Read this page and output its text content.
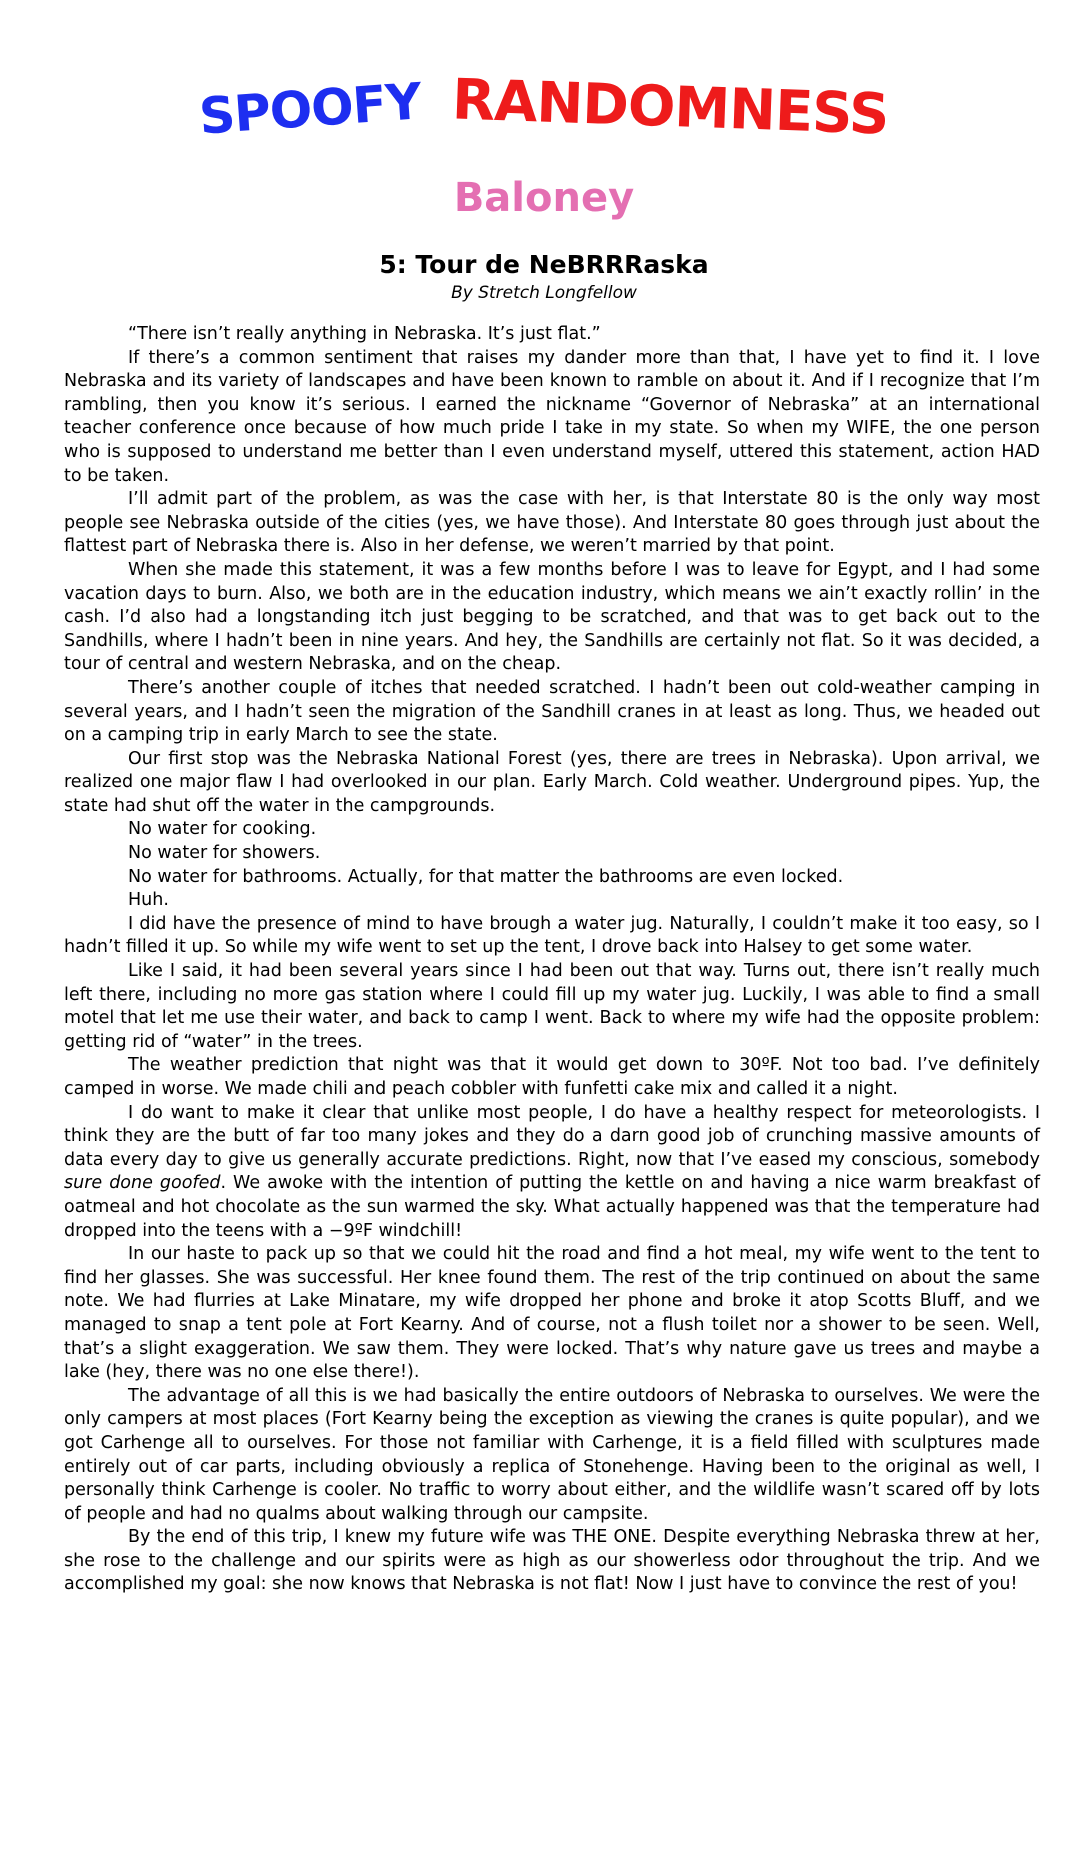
SPOOFY RANDOMNESS
Baloney
5: Tour de NeBRRRaska
By Stretch Longfellow

“There isn’t really anything in Nebraska. It’s just flat.”

If there’s a common sentiment that raises my dander more than that, I have yet to find it. I love Nebraska and its variety of landscapes and have been known to ramble on about it. And if I recognize that I’m rambling, then you know it’s serious. I earned the nickname “Governor of Nebraska” at an international teacher conference once because of how much pride I take in my state. So when my WIFE, the one person who is supposed to understand me better than I even understand myself, uttered this statement, action HAD to be taken.

I’ll admit part of the problem, as was the case with her, is that Interstate 80 is the only way most people see Nebraska outside of the cities (yes, we have those). And Interstate 80 goes through just about the flattest part of Nebraska there is. Also in her defense, we weren’t married by that point.

When she made this statement, it was a few months before I was to leave for Egypt, and I had some vacation days to burn. Also, we both are in the education industry, which means we ain’t exactly rollin’ in the cash. I’d also had a longstanding itch just begging to be scratched, and that was to get back out to the Sandhills, where I hadn’t been in nine years. And hey, the Sandhills are certainly not flat. So it was decided, a tour of central and western Nebraska, and on the cheap.

There’s another couple of itches that needed scratched. I hadn’t been out cold-weather camping in several years, and I hadn’t seen the migration of the Sandhill cranes in at least as long. Thus, we headed out on a camping trip in early March to see the state.

Our first stop was the Nebraska National Forest (yes, there are trees in Nebraska). Upon arrival, we realized one major flaw I had overlooked in our plan. Early March. Cold weather. Underground pipes. Yup, the state had shut off the water in the campgrounds.

No water for cooking.

No water for showers.

No water for bathrooms. Actually, for that matter the bathrooms are even locked.

Huh.

I did have the presence of mind to have brough a water jug. Naturally, I couldn’t make it too easy, so I hadn’t filled it up. So while my wife went to set up the tent, I drove back into Halsey to get some water.

Like I said, it had been several years since I had been out that way. Turns out, there isn’t really much left there, including no more gas station where I could fill up my water jug. Luckily, I was able to find a small motel that let me use their water, and back to camp I went. Back to where my wife had the opposite problem: getting rid of “water” in the trees.

The weather prediction that night was that it would get down to 30ºF. Not too bad. I’ve definitely camped in worse. We made chili and peach cobbler with funfetti cake mix and called it a night.

I do want to make it clear that unlike most people, I do have a healthy respect for meteorologists. I think they are the butt of far too many jokes and they do a darn good job of crunching massive amounts of data every day to give us generally accurate predictions. Right, now that I’ve eased my conscious, somebody sure done goofed. We awoke with the intention of putting the kettle on and having a nice warm breakfast of oatmeal and hot chocolate as the sun warmed the sky. What actually happened was that the temperature had dropped into the teens with a −9ºF windchill!

In our haste to pack up so that we could hit the road and find a hot meal, my wife went to the tent to find her glasses. She was successful. Her knee found them. The rest of the trip continued on about the same note. We had flurries at Lake Minatare, my wife dropped her phone and broke it atop Scotts Bluff, and we managed to snap a tent pole at Fort Kearny. And of course, not a flush toilet nor a shower to be seen. Well, that’s a slight exaggeration. We saw them. They were locked. That’s why nature gave us trees and maybe a lake (hey, there was no one else there!).

The advantage of all this is we had basically the entire outdoors of Nebraska to ourselves. We were the only campers at most places (Fort Kearny being the exception as viewing the cranes is quite popular), and we got Carhenge all to ourselves. For those not familiar with Carhenge, it is a field filled with sculptures made entirely out of car parts, including obviously a replica of Stonehenge. Having been to the original as well, I personally think Carhenge is cooler. No traffic to worry about either, and the wildlife wasn’t scared off by lots of people and had no qualms about walking through our campsite.

By the end of this trip, I knew my future wife was THE ONE. Despite everything Nebraska threw at her, she rose to the challenge and our spirits were as high as our showerless odor throughout the trip. And we accomplished my goal: she now knows that Nebraska is not flat! Now I just have to convince the rest of you!
